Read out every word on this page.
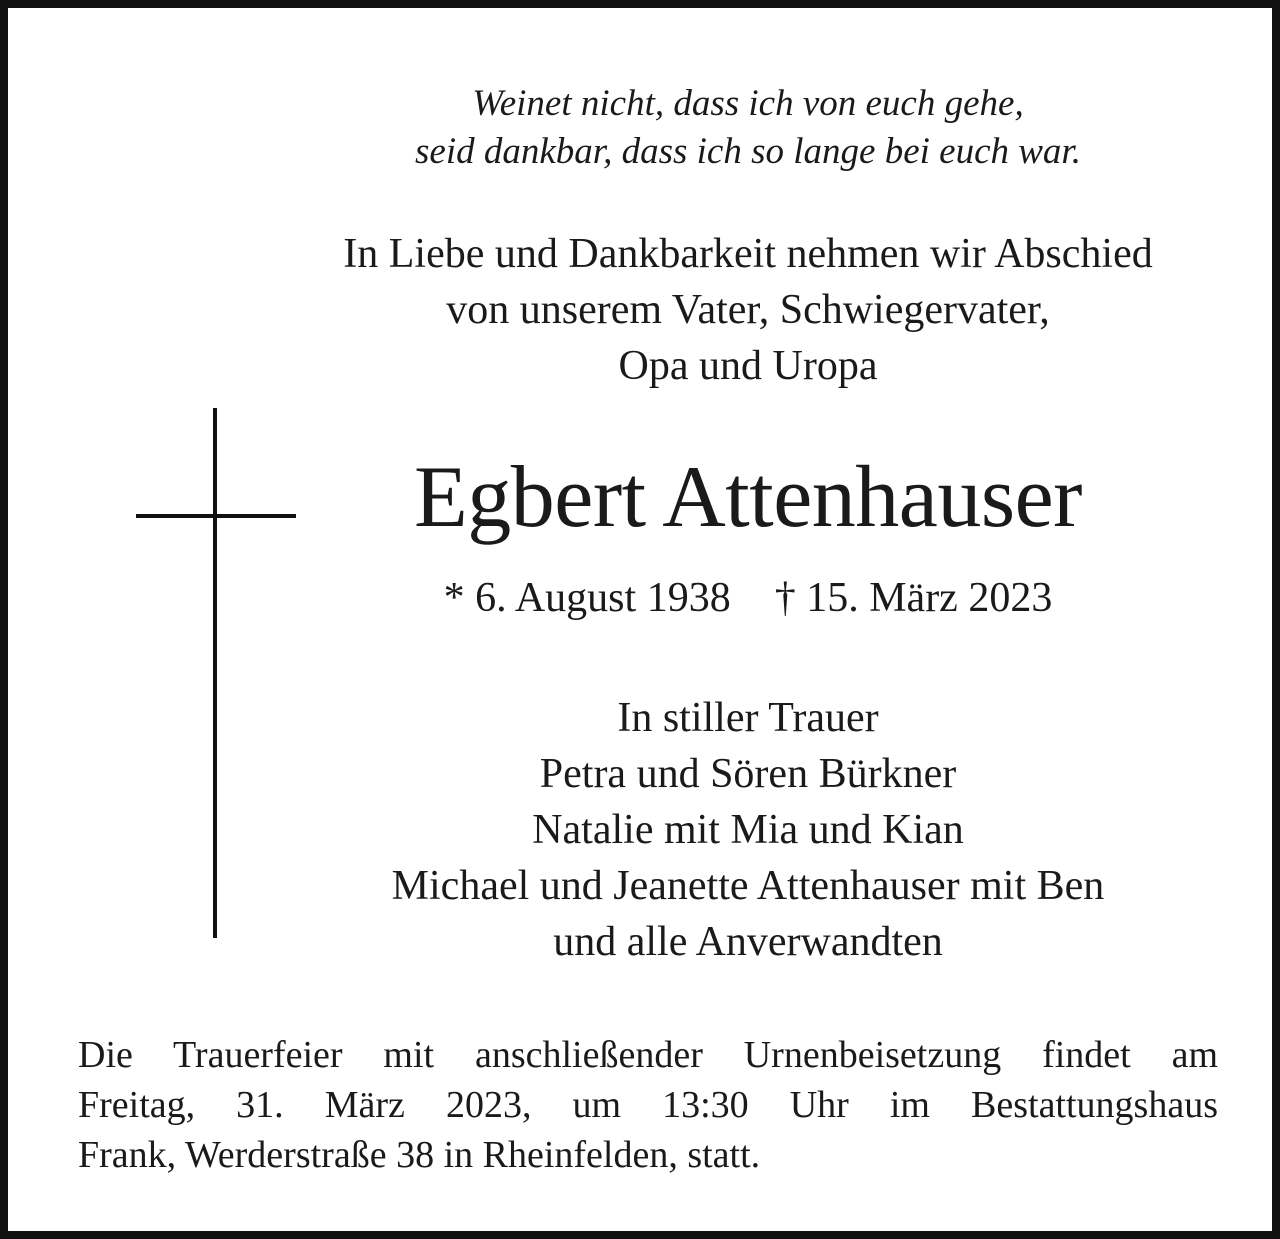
Weinet nicht, dass ich von euch gehe,
seid dankbar, dass ich so lange bei euch war.
In Liebe und Dankbarkeit nehmen wir Abschied
von unserem Vater, Schwiegervater,
Opa und Uropa
Egbert Attenhauser
* 6. August 1938 † 15. März 2023
In stiller Trauer
Petra und Sören Bürkner
Natalie mit Mia und Kian
Michael und Jeanette Attenhauser mit Ben
und alle Anverwandten
Die Trauerfeier mit anschließender Urnenbeisetzung findet am
Freitag, 31. März 2023, um 13:30 Uhr im Bestattungshaus
Frank, Werderstraße 38 in Rheinfelden, statt.
